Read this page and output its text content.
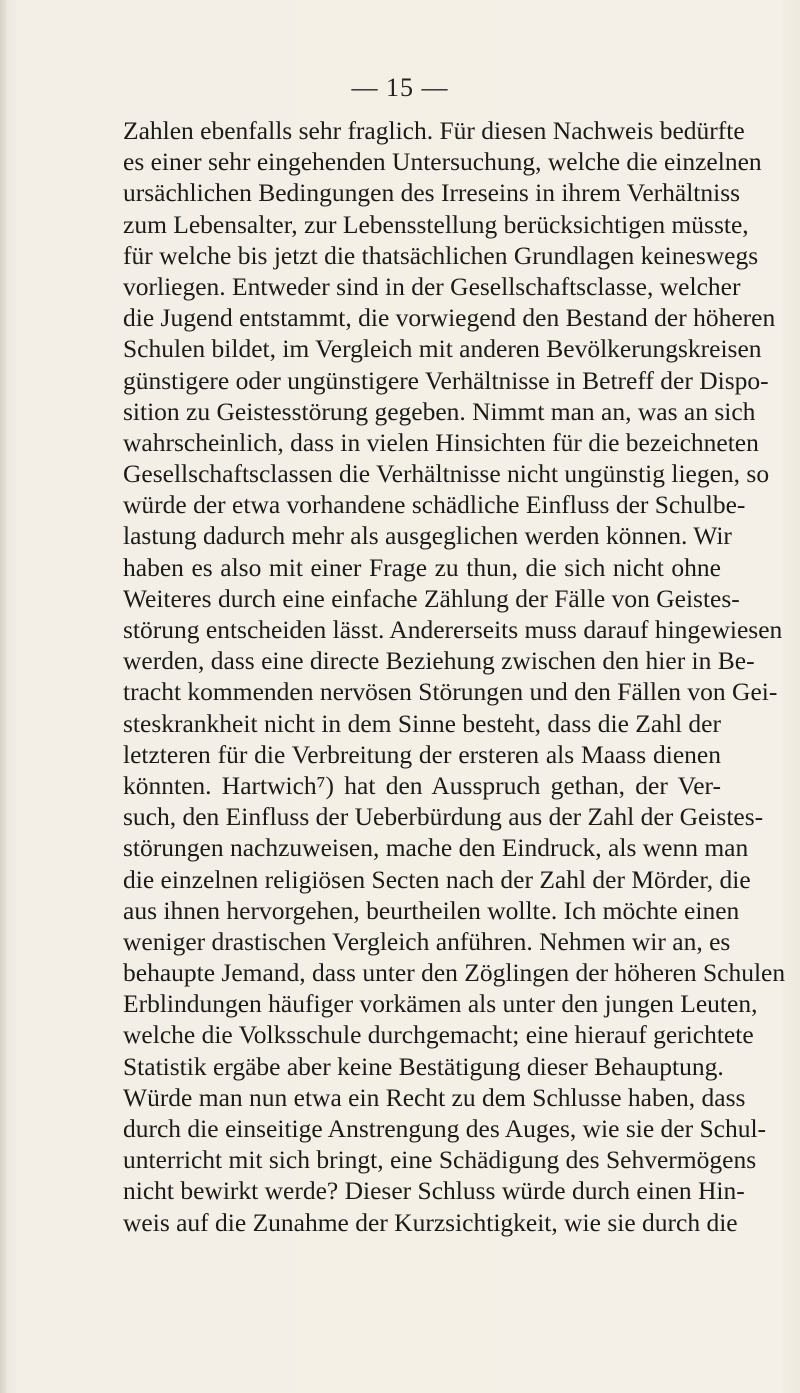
— 15 —
Zahlen ebenfalls sehr fraglich. Für diesen Nachweis bedürfte
es einer sehr eingehenden Untersuchung, welche die einzelnen
ursächlichen Bedingungen des Irreseins in ihrem Verhältniss
zum Lebensalter, zur Lebensstellung berücksichtigen müsste,
für welche bis jetzt die thatsächlichen Grundlagen keineswegs
vorliegen. Entweder sind in der Gesellschaftsclasse, welcher
die Jugend entstammt, die vorwiegend den Bestand der höheren
Schulen bildet, im Vergleich mit anderen Bevölkerungskreisen
günstigere oder ungünstigere Verhältnisse in Betreff der Dispo-
sition zu Geistesstörung gegeben. Nimmt man an, was an sich
wahrscheinlich, dass in vielen Hinsichten für die bezeichneten
Gesellschaftsclassen die Verhältnisse nicht ungünstig liegen, so
würde der etwa vorhandene schädliche Einfluss der Schulbe-
lastung dadurch mehr als ausgeglichen werden können. Wir
haben es also mit einer Frage zu thun, die sich nicht ohne
Weiteres durch eine einfache Zählung der Fälle von Geistes-
störung entscheiden lässt. Andererseits muss darauf hingewiesen
werden, dass eine directe Beziehung zwischen den hier in Be-
tracht kommenden nervösen Störungen und den Fällen von Gei-
steskrankheit nicht in dem Sinne besteht, dass die Zahl der
letzteren für die Verbreitung der ersteren als Maass dienen
könnten. Hartwich⁷) hat den Ausspruch gethan, der Ver-
such, den Einfluss der Ueberbürdung aus der Zahl der Geistes-
störungen nachzuweisen, mache den Eindruck, als wenn man
die einzelnen religiösen Secten nach der Zahl der Mörder, die
aus ihnen hervorgehen, beurtheilen wollte. Ich möchte einen
weniger drastischen Vergleich anführen. Nehmen wir an, es
behaupte Jemand, dass unter den Zöglingen der höheren Schulen
Erblindungen häufiger vorkämen als unter den jungen Leuten,
welche die Volksschule durchgemacht; eine hierauf gerichtete
Statistik ergäbe aber keine Bestätigung dieser Behauptung.
Würde man nun etwa ein Recht zu dem Schlusse haben, dass
durch die einseitige Anstrengung des Auges, wie sie der Schul-
unterricht mit sich bringt, eine Schädigung des Sehvermögens
nicht bewirkt werde? Dieser Schluss würde durch einen Hin-
weis auf die Zunahme der Kurzsichtigkeit, wie sie durch die
